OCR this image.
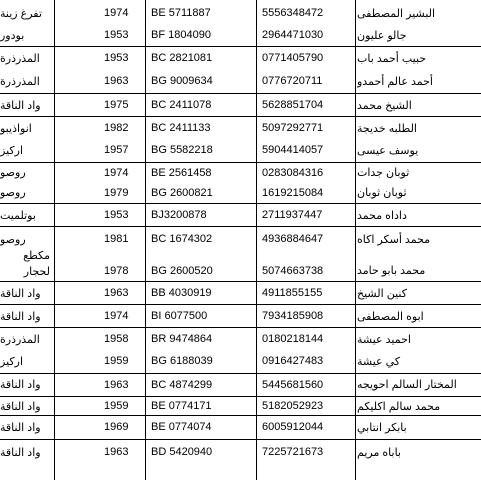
تفرغ زينة	1974	BE 5711887	5556348472	البشير المصطفى
بودور	1953	BF 1804090	2964471030	جالو عليون
المذرذرة	1953	BC 2821081	0771405790	حبيب أحمد باب
المذرذرة	1963	BG 9009634	0776720711	أحمد عالم أحمدو
واد الناقة	1975	BC 2411078	5628851704	الشيخ محمد
انواذيبو	1982	BC 2411133	5097292771	الطلبه خديجة
اركيز	1957	BG 5582218	5904414057	يوسف عيسى
روصو	1974	BE 2561458	0283084316	ثوبان جدات
روصو	1979	BG 2600821	1619215084	ثوبان ثوبان
بوتلميت	1953	BJ3200878	2711937447	داداه محمد
روصو	1981	BC 1674302	4936884647	محمد أسكر اكاه
مكطع لحجار	1978	BG 2600520	5074663738	محمد بابو حامد
واد الناقة	1963	BB 4030919	4911855155	كنين الشيخ
واد الناقة	1974	BI 6077500	7934185908	ابوه المصطفى
المذرذرة	1958	BR 9474864	0180218144	احميد عيشة
اركيز	1959	BG 6188039	0916427483	كي عيشة
واد الناقة	1963	BC 4874299	5445681560	المختار السالم احويجه
واد الناقة	1959	BE 0774171	5182052923	محمد سالم اكليكم
واد الناقة	1969	BE 0774074	6005912044	بابكر انتابي
واد الناقة	1963	BD 5420940	7225721673	باباه مريم
